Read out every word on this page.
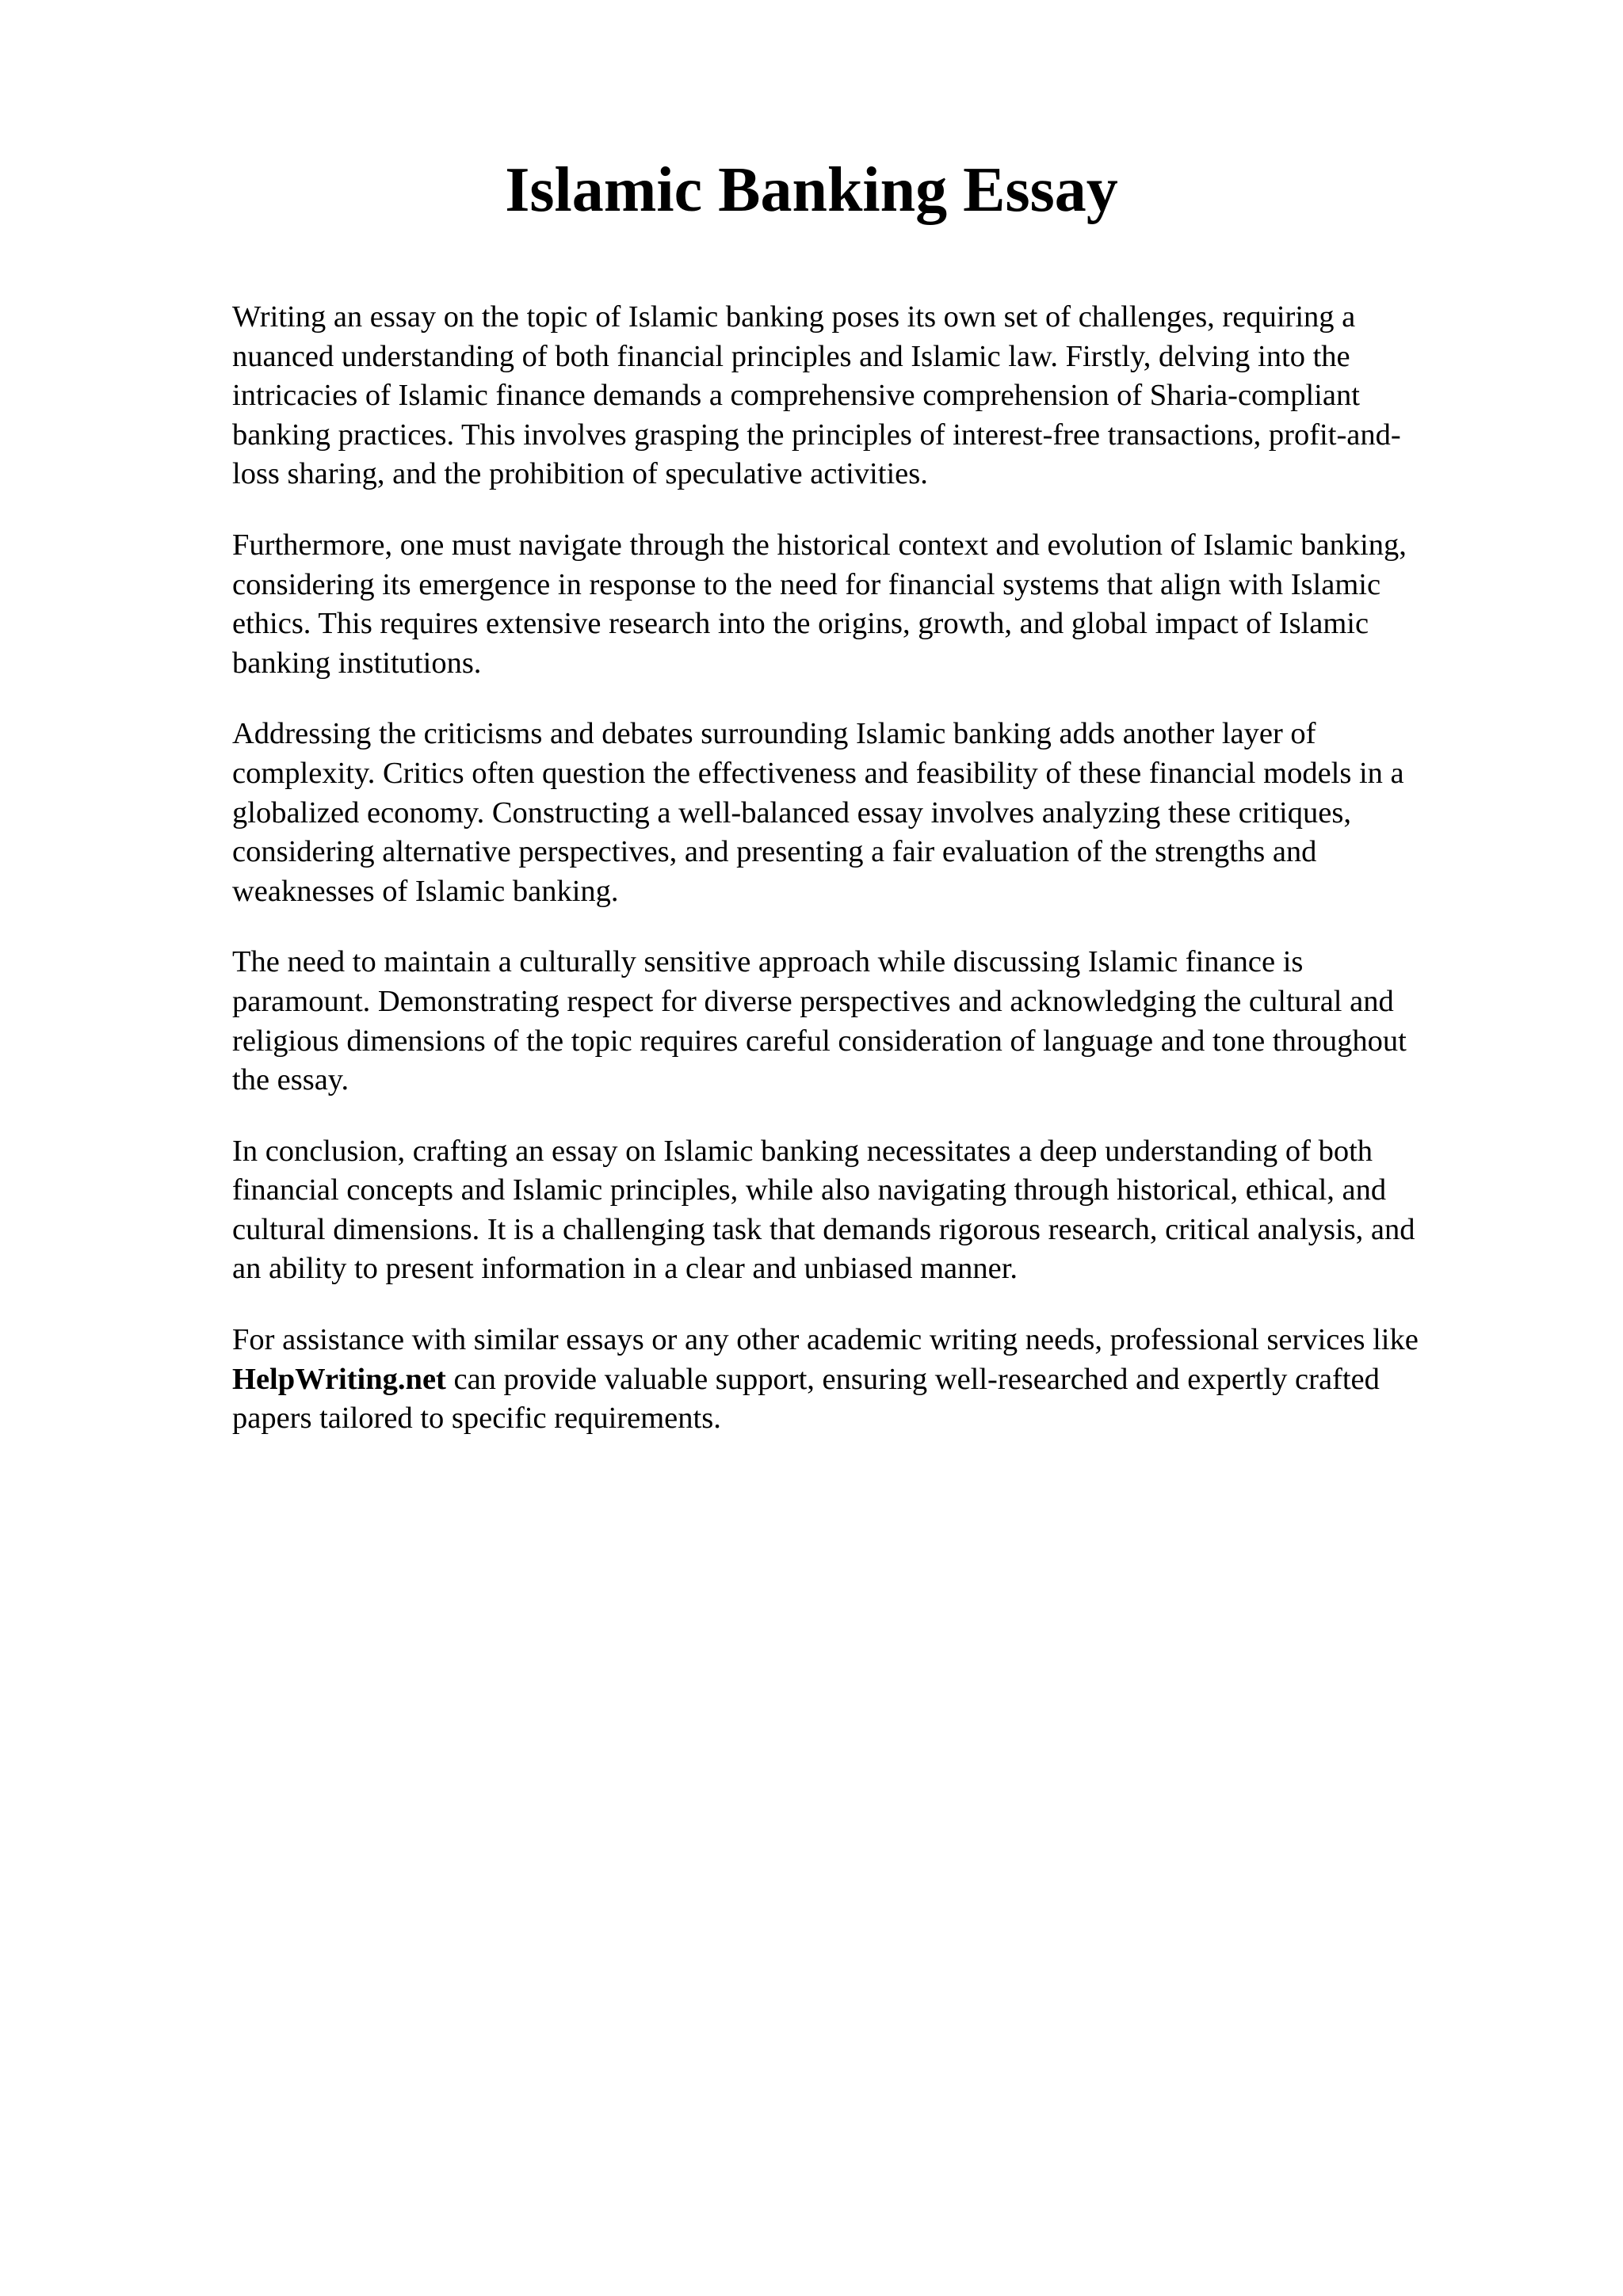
Islamic Banking Essay

Writing an essay on the topic of Islamic banking poses its own set of challenges, requiring a
nuanced understanding of both financial principles and Islamic law. Firstly, delving into the
intricacies of Islamic finance demands a comprehensive comprehension of Sharia-compliant
banking practices. This involves grasping the principles of interest-free transactions, profit-and-
loss sharing, and the prohibition of speculative activities.

Furthermore, one must navigate through the historical context and evolution of Islamic banking,
considering its emergence in response to the need for financial systems that align with Islamic
ethics. This requires extensive research into the origins, growth, and global impact of Islamic
banking institutions.

Addressing the criticisms and debates surrounding Islamic banking adds another layer of
complexity. Critics often question the effectiveness and feasibility of these financial models in a
globalized economy. Constructing a well-balanced essay involves analyzing these critiques,
considering alternative perspectives, and presenting a fair evaluation of the strengths and
weaknesses of Islamic banking.

The need to maintain a culturally sensitive approach while discussing Islamic finance is
paramount. Demonstrating respect for diverse perspectives and acknowledging the cultural and
religious dimensions of the topic requires careful consideration of language and tone throughout
the essay.

In conclusion, crafting an essay on Islamic banking necessitates a deep understanding of both
financial concepts and Islamic principles, while also navigating through historical, ethical, and
cultural dimensions. It is a challenging task that demands rigorous research, critical analysis, and
an ability to present information in a clear and unbiased manner.

For assistance with similar essays or any other academic writing needs, professional services like
HelpWriting.net can provide valuable support, ensuring well-researched and expertly crafted
papers tailored to specific requirements.
